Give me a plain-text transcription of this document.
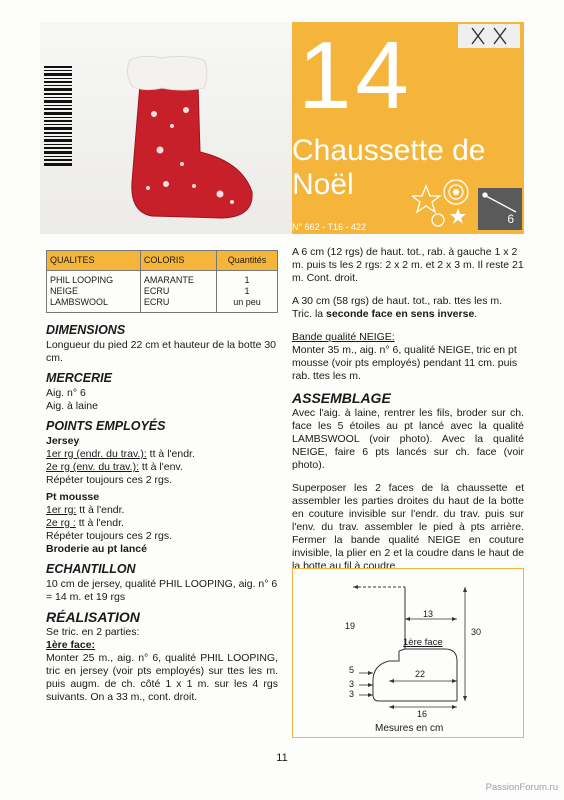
14
Chaussette de
Noël
N° 662 - T16 - 422
6
QUALITES	COLORIS	Quantités
PHIL LOOPING	AMARANTE	1
NEIGE	ECRU	1
LAMBSWOOL	ECRU	un peu
DIMENSIONS

Longueur du pied 22 cm et hauteur de la botte 30 cm.

MERCERIE

Aig. n° 6

Aig. à laine

POINTS EMPLOYÉS

Jersey

1er rg (endr. du trav.): tt à l'endr.

2e rg (env. du trav.): tt à l'env.

Répéter toujours ces 2 rgs.

Pt mousse

1er rg: tt à l'endr.

2e rg : tt à l'endr.

Répéter toujours ces 2 rgs.

Broderie au pt lancé

ECHANTILLON

10 cm de jersey, qualité PHIL LOOPING, aig. n° 6 = 14 m. et 19 rgs

RÉALISATION

Se tric. en 2 parties:

1ère face:

Monter 25 m., aig. n° 6, qualité PHIL LOOPING, tric en jersey (voir pts employés) sur ttes les m. puis augm. de ch. côté 1 x 1 m. sur les 4 rgs suivants. On a 33 m., cont. droit.

A 6 cm (12 rgs) de haut. tot., rab. à gauche 1 x 2 m. puis ts les 2 rgs: 2 x 2 m. et 2 x 3 m. Il reste 21 m. Cont. droit.

A 30 cm (58 rgs) de haut. tot., rab. ttes les m.

Tric. la seconde face en sens inverse.

Bande qualité NEIGE:

Monter 35 m., aig. n° 6, qualité NEIGE, tric en pt mousse (voir pts employés) pendant 11 cm. puis rab. ttes les m.

ASSEMBLAGE

Avec l'aig. à laine, rentrer les fils, broder sur ch. face les 5 étoiles au pt lancé avec la qualité LAMBSWOOL (voir photo). Avec la qualité NEIGE, faire 6 pts lancés sur ch. face (voir photo).

Superposer les 2 faces de la chaussette et assembler les parties droites du haut de la botte en couture invisible sur l'endr. du trav. puis sur l'env. du trav. assembler le pied à pts arrière. Fermer la bande qualité NEIGE en couture invisible, la plier en 2 et la coudre dans le haut de la botte au fil à coudre

19
13
30
1ère face
5	22
3
3
16
Mesures en cm
11
PassionForum.ru
